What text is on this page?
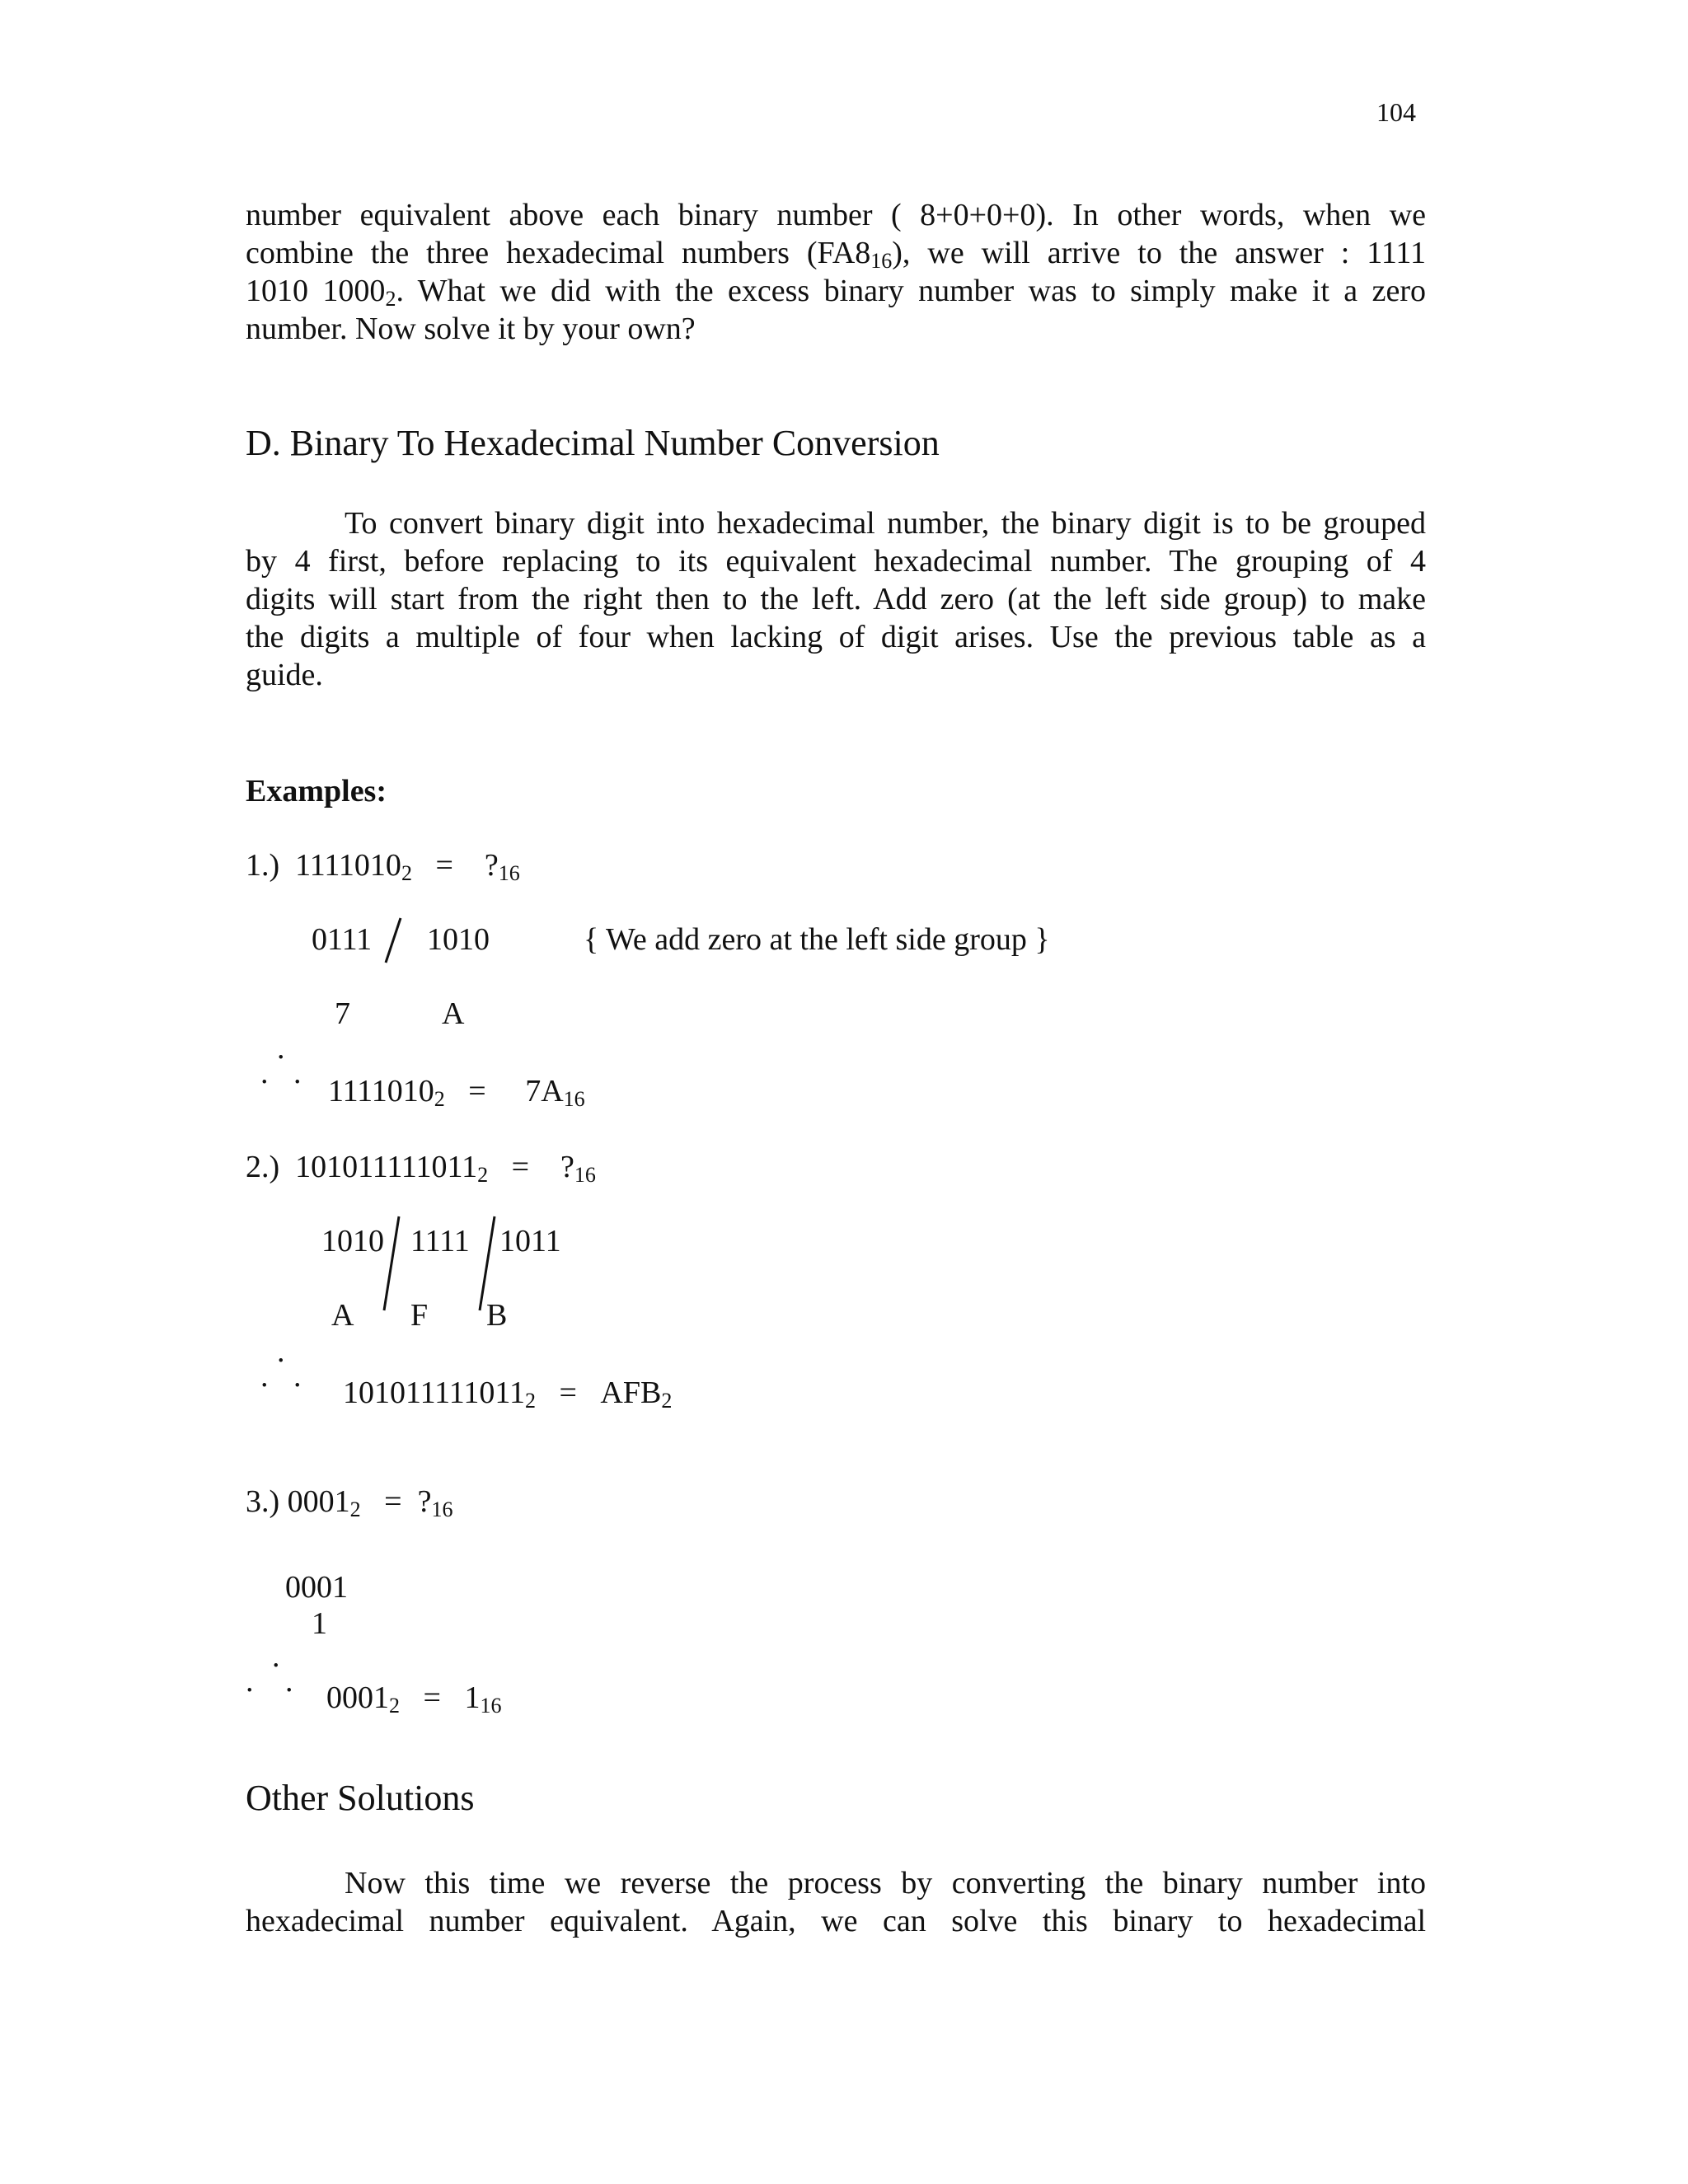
104
number equivalent above each binary number ( 8+0+0+0). In other words, when we
combine the three hexadecimal numbers $(FA8_{16})$, we will arrive to the answer : 1111
1010 $1000_2$. What we did with the excess binary number was to simply make it a zero
number. Now solve it by your own?
D. Binary To Hexadecimal Number Conversion
To convert binary digit into hexadecimal number, the binary digit is to be grouped
by 4 first, before replacing to its equivalent hexadecimal number. The grouping of 4
digits will start from the right then to the left. Add zero (at the left side group) to make
the digits a multiple of four when lacking of digit arises. Use the previous table as a
guide.
Examples:
1.) $1111010_2$ = $?_{16}$
0111 1010	{ We add zero at the left side group }
7	A
.
. .
$1111010_2 = 7A_{16}$
2.) $101011111011_2$ = $?_{16}$
1010 1111 1011
A F B
.
. . $101011111011_2 = AFB_2$
3.) $0001_2$ = $?_{16}$
0001
1
.
. . $0001_2 = 1_{16}$
Other Solutions
Now this time we reverse the process by converting the binary number into
hexadecimal number equivalent. Again, we can solve this binary to hexadecimal
